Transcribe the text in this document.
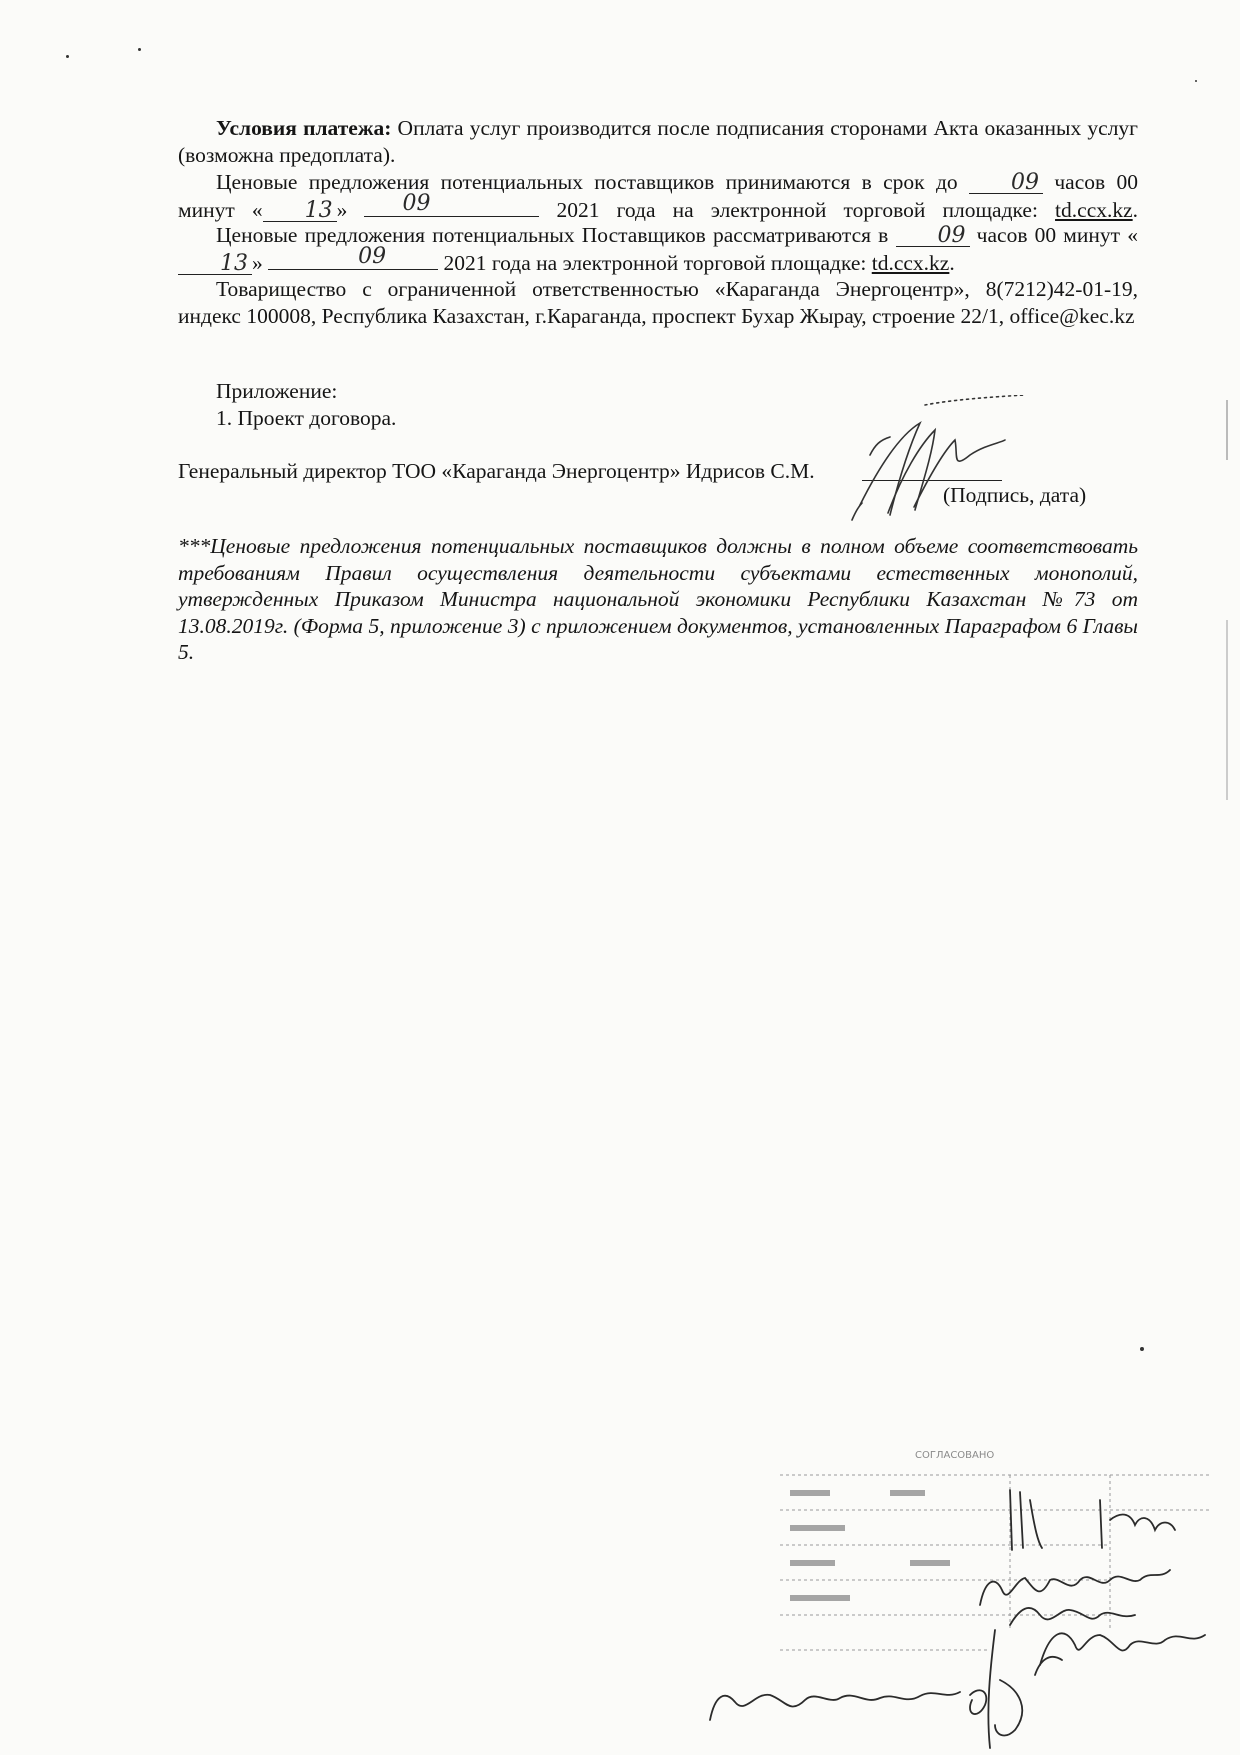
Условия платежа: Оплата услуг производится после подписания сторонами Акта оказанных услуг (возможна предоплата).

Ценовые предложения потенциальных поставщиков принимаются в срок до 09 часов 00 минут « 13 »	09	2021 года на электронной торговой площадке: td.ccx.kz.

Ценовые предложения потенциальных Поставщиков рассматриваются в 09 часов 00 минут «13 »	09	2021 года на электронной торговой площадке: td.ccx.kz.

Товарищество с ограниченной ответственностью «Караганда Энергоцентр», 8(7212)42-01-19, индекс 100008, Республика Казахстан, г.Караганда, проспект Бухар Жырау, строение 22/1, office@kec.kz

Приложение:

1. Проект договора.

Генеральный директор ТОО «Караганда Энергоцентр» Идрисов С.М.

(Подпись, дата)

***Ценовые предложения потенциальных поставщиков должны в полном объеме соответствовать требованиям Правил осуществления деятельности субъектами естественных монополий, утвержденных Приказом Министра национальной экономики Республики Казахстан №73 от 13.08.2019г. (Форма 5, приложение 3) с приложением документов, установленных Параграфом 6 Главы 5.

СОГЛАСОВАНО
